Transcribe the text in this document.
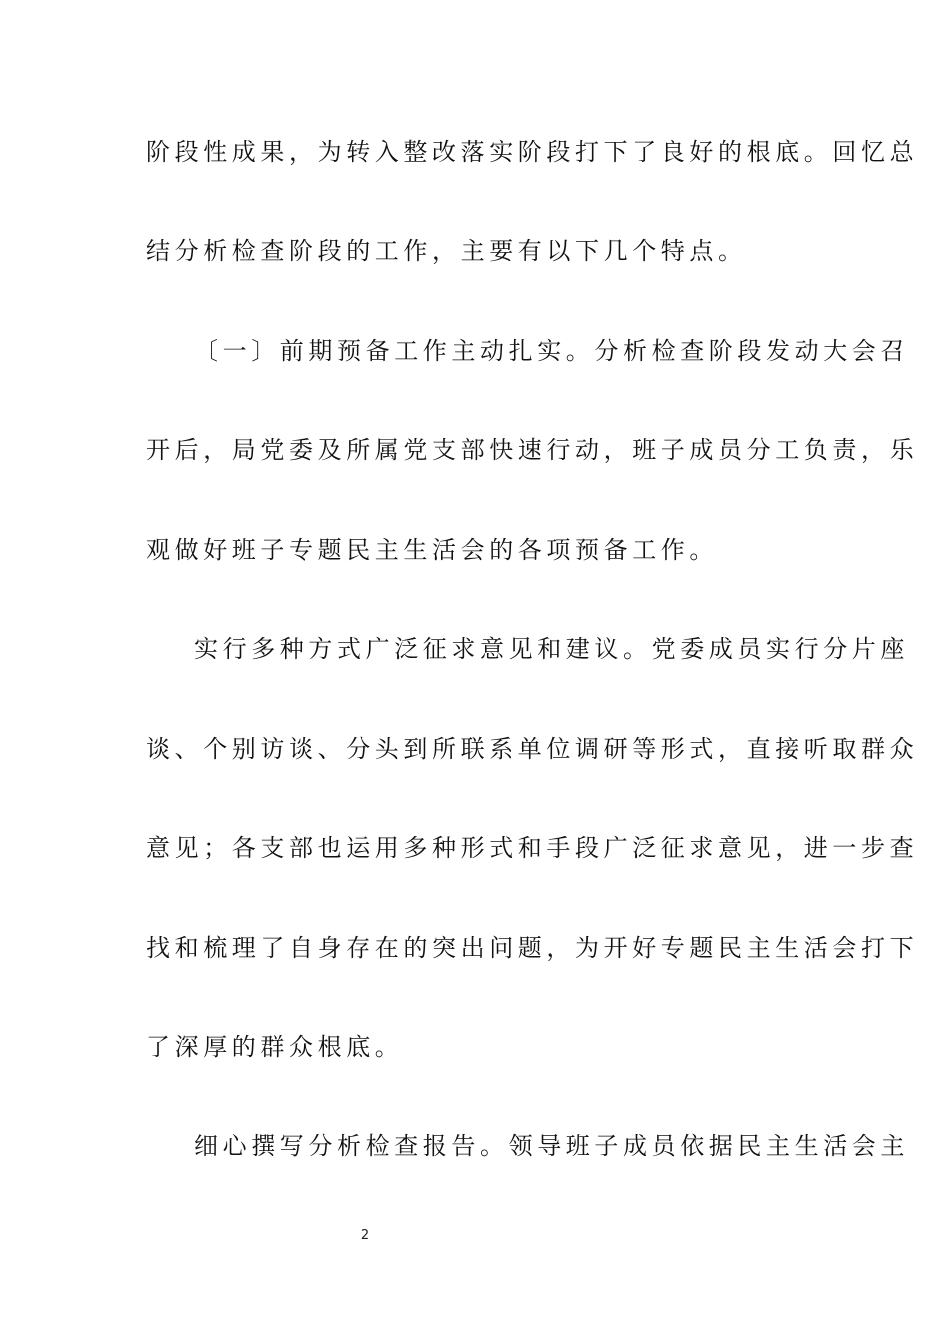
阶段性成果，为转入整改落实阶段打下了良好的根底。回忆总
结分析检查阶段的工作，主要有以下几个特点。
〔一〕前期预备工作主动扎实。分析检查阶段发动大会召
开后，局党委及所属党支部快速行动，班子成员分工负责，乐
观做好班子专题民主生活会的各项预备工作。
实行多种方式广泛征求意见和建议。党委成员实行分片座
谈、个别访谈、分头到所联系单位调研等形式，直接听取群众
意见；各支部也运用多种形式和手段广泛征求意见，进一步查
找和梳理了自身存在的突出问题，为开好专题民主生活会打下
了深厚的群众根底。
细心撰写分析检查报告。领导班子成员依据民主生活会主
2
